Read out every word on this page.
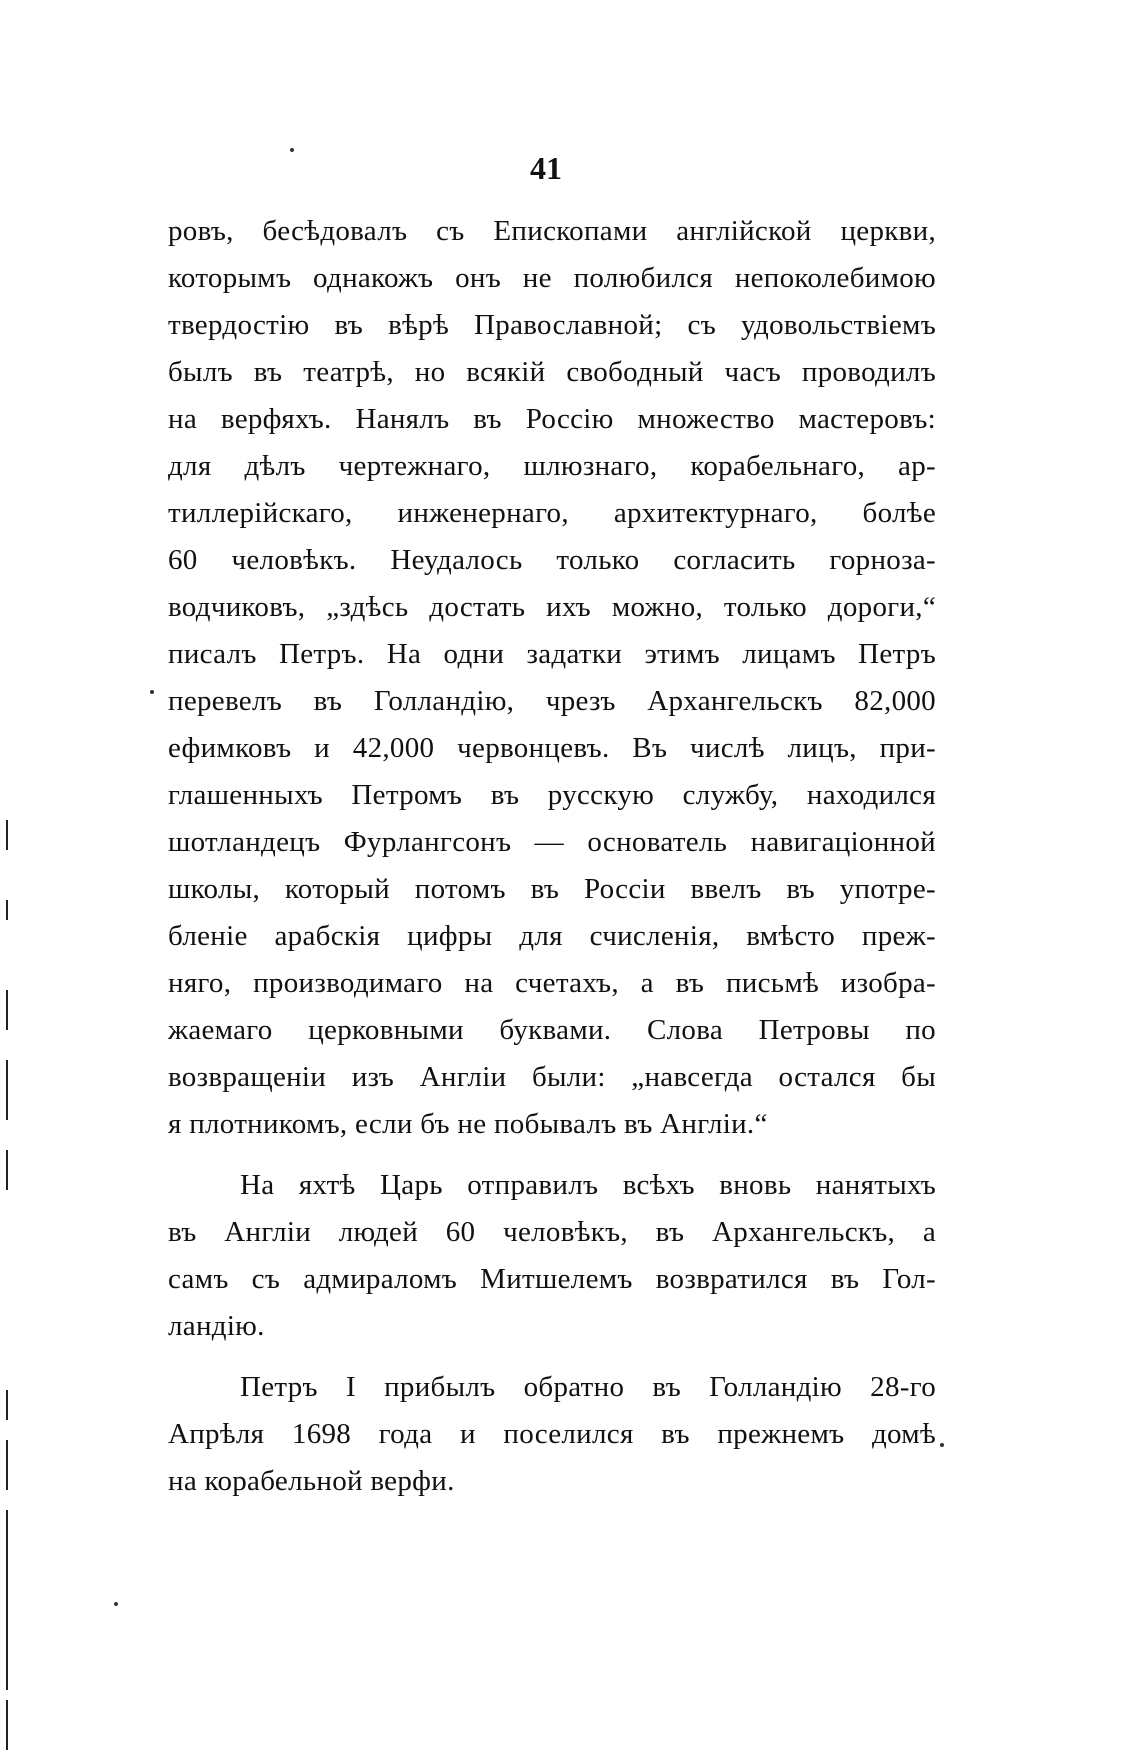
41
ровъ, бесѣдовалъ съ Епископами англійской церкви,
которымъ однакожъ онъ не полюбился непоколебимою
твердостію въ вѣрѣ Православной; съ удовольствіемъ
былъ въ театрѣ, но всякій свободный часъ проводилъ
на верфяхъ. Нанялъ въ Россію множество мастеровъ:
для дѣлъ чертежнаго, шлюзнаго, корабельнаго, ар-
тиллерійскаго, инженернаго, архитектурнаго, болѣе
60 человѣкъ. Неудалось только согласить горноза-
водчиковъ, „здѣсь достать ихъ можно, только дороги,“
писалъ Петръ. На одни задатки этимъ лицамъ Петръ
перевелъ въ Голландію, чрезъ Архангельскъ 82,000
ефимковъ и 42,000 червонцевъ. Въ числѣ лицъ, при-
глашенныхъ Петромъ въ русскую службу, находился
шотландецъ Фурлангсонъ — основатель навигаціонной
школы, который потомъ въ Россіи ввелъ въ употре-
бленіе арабскія цифры для счисленія, вмѣсто преж-
няго, производимаго на счетахъ, а въ письмѣ изобра-
жаемаго церковными буквами. Слова Петровы по
возвращеніи изъ Англіи были: „навсегда остался бы
я плотникомъ, если бъ не побывалъ въ Англіи.“
На яхтѣ Царь отправилъ всѣхъ вновь нанятыхъ
въ Англіи людей 60 человѣкъ, въ Архангельскъ, а
самъ съ адмираломъ Митшелемъ возвратился въ Гол-
ландію.
Петръ I прибылъ обратно въ Голландію 28-го
Апрѣля 1698 года и поселился въ прежнемъ домѣ
на корабельной верфи.
